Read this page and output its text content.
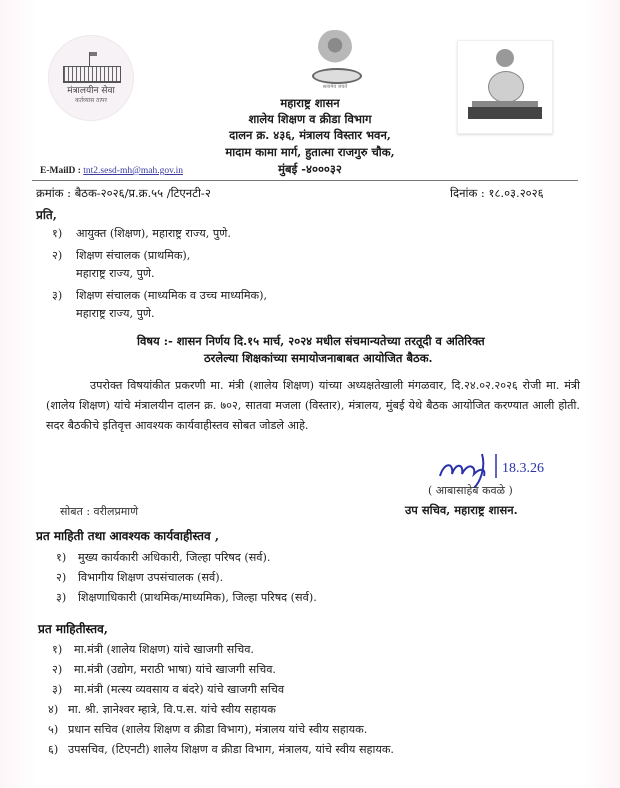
मंत्रालयीन सेवा
कर्तव्यास तत्पर
सत्यमेव जयते
महाराष्ट्र शासन
शालेय शिक्षण व क्रीडा विभाग
दालन क्र. ४३६, मंत्रालय विस्तार भवन,
मादाम कामा मार्ग, हुतात्मा राजगुरु चौक,
मुंबई -४०००३२
E-MailD : tnt2.sesd-mh@mah.gov.in
क्रमांक : बैठक-२०२६/प्र.क्र.५५ /टिएनटी-२	दिनांक : १८.०३.२०२६
प्रति,
१)	आयुक्त (शिक्षण), महाराष्ट्र राज्य, पुणे.
२)	शिक्षण संचालक (प्राथमिक),
महाराष्ट्र राज्य, पुणे.
३)	शिक्षण संचालक (माध्यमिक व उच्च माध्यमिक),
महाराष्ट्र राज्य, पुणे.
विषय :- शासन निर्णय दि.१५ मार्च, २०२४ मधील संचमान्यतेच्या तरतूदी व अतिरिक्त
ठरलेल्या शिक्षकांच्या समायोजनाबाबत आयोजित बैठक.
उपरोक्त विषयांकीत प्रकरणी मा. मंत्री (शालेय शिक्षण) यांच्या अध्यक्षतेखाली मंगळवार, दि.२४.०२.२०२६ रोजी मा. मंत्री (शालेय शिक्षण) यांचे मंत्रालयीन दालन क्र. ७०२, सातवा मजला (विस्तार), मंत्रालय, मुंबई येथे बैठक आयोजित करण्यात आली होती. सदर बैठकीचे इतिवृत्त आवश्यक कार्यवाहीस्तव सोबत जोडले आहे.
18.3.26
( आबासाहेब कवळे )
उप सचिव, महाराष्ट्र शासन.
सोबत : वरीलप्रमाणे
प्रत माहिती तथा आवश्यक कार्यवाहीस्तव ,
१)	मुख्य कार्यकारी अधिकारी, जिल्हा परिषद (सर्व).
२)	विभागीय शिक्षण उपसंचालक (सर्व).
३)	शिक्षणाधिकारी (प्राथमिक/माध्यमिक), जिल्हा परिषद (सर्व).
प्रत माहितीस्तव,
१)	मा.मंत्री (शालेय शिक्षण) यांचे खाजगी सचिव.
२)	मा.मंत्री (उद्योग, मराठी भाषा) यांचे खाजगी सचिव.
३)	मा.मंत्री (मत्स्य व्यवसाय व बंदरे) यांचे खाजगी सचिव
४) मा. श्री. ज्ञानेश्वर म्हात्रे, वि.प.स. यांचे स्वीय सहायक
५) प्रधान सचिव (शालेय शिक्षण व क्रीडा विभाग), मंत्रालय यांचे स्वीय सहायक.
६) उपसचिव, (टिएनटी) शालेय शिक्षण व क्रीडा विभाग, मंत्रालय, यांचे स्वीय सहायक.
